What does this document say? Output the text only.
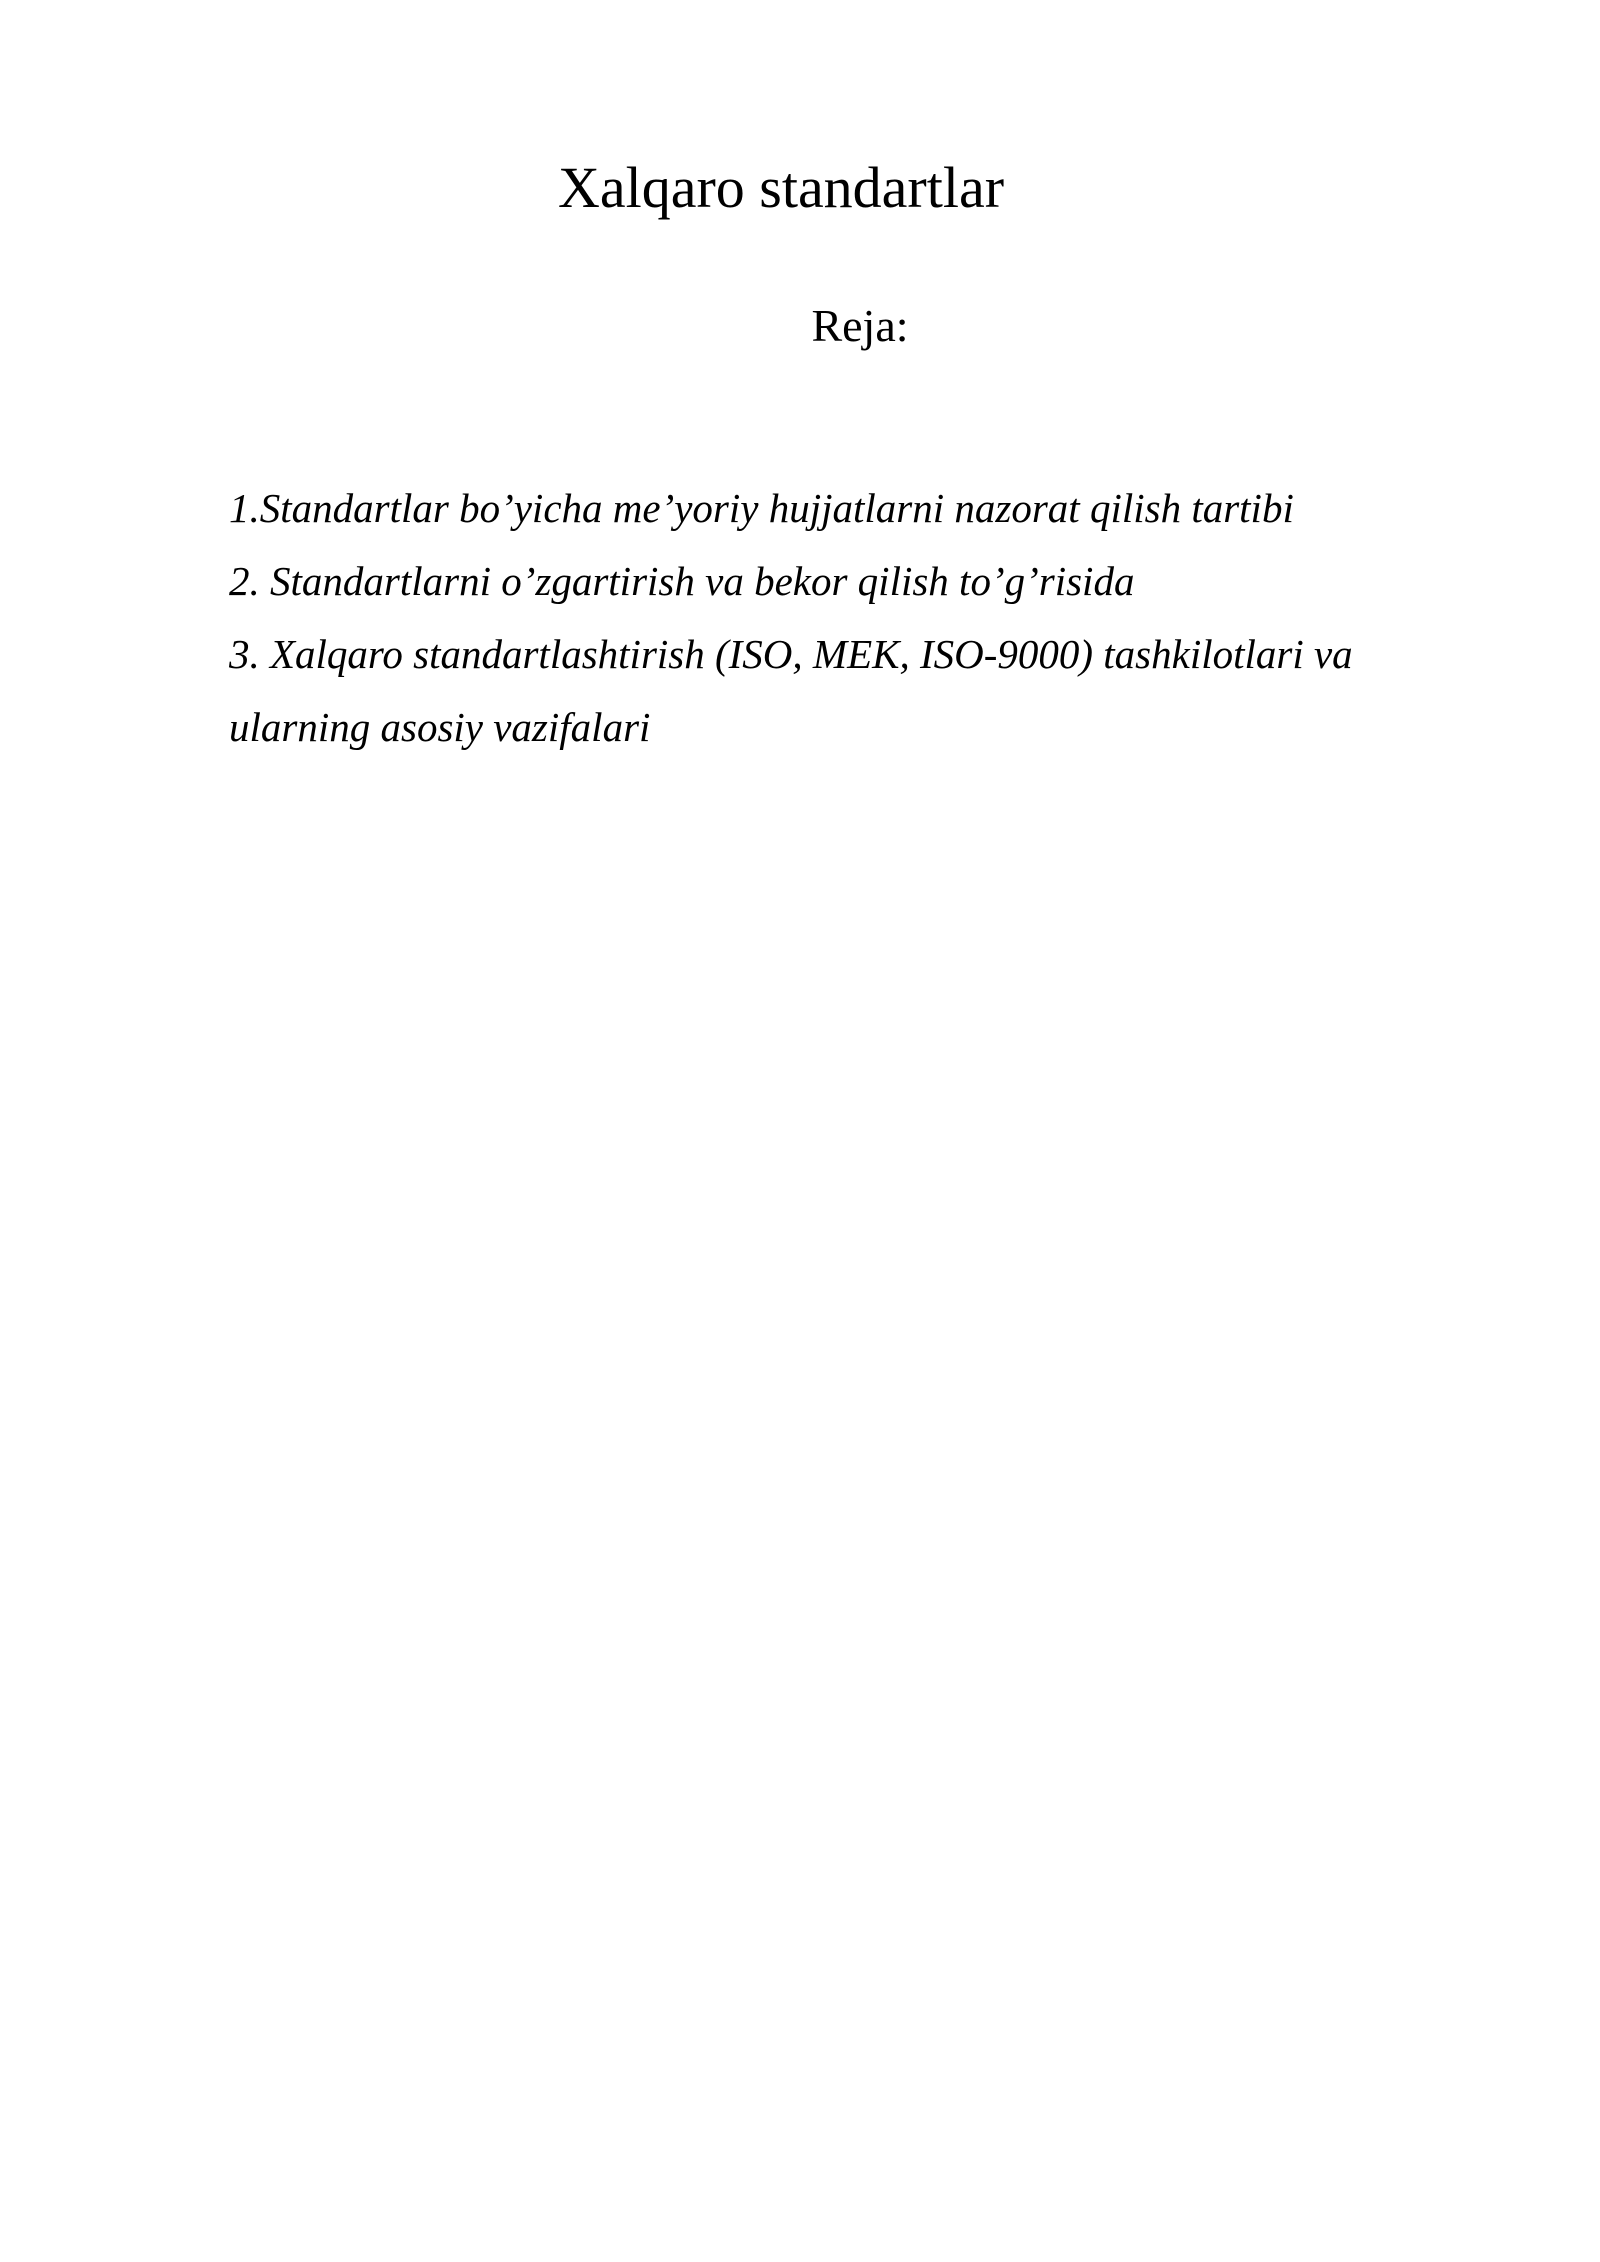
Xalqaro standartlar
Reja:
1.Standartlar bo’yicha me’yoriy hujjatlarni nazorat qilish tartibi
2. Standartlarni o’zgartirish va bekor qilish to’g’risida
3. Xalqaro standartlashtirish (ISO, MEK, ISO-9000) tashkilotlari va
ularning asosiy vazifalari
